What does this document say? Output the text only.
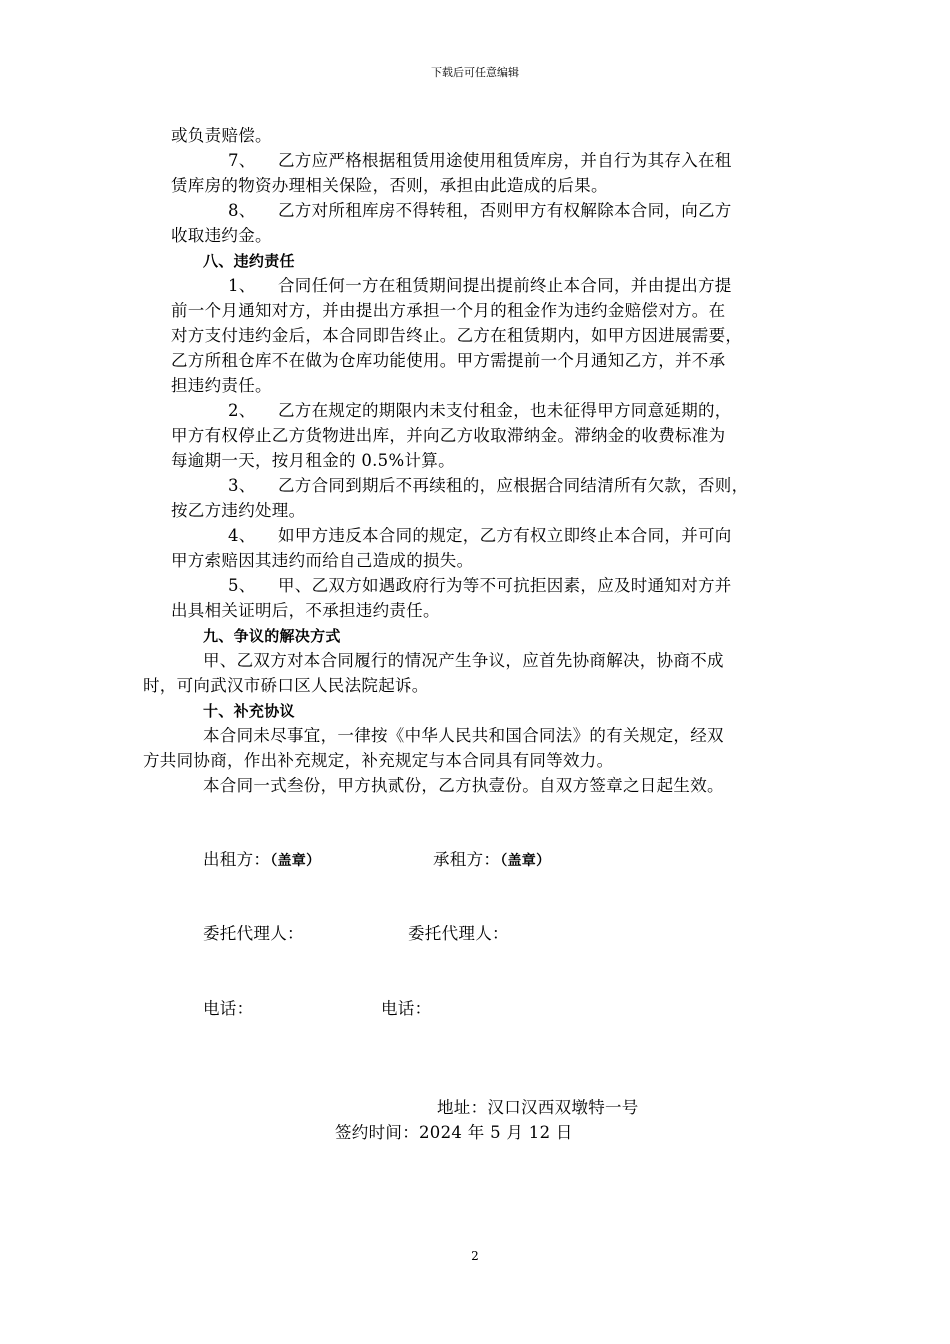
下载后可任意编辑
或负责赔偿。
7、 乙方应严格根据租赁用途使用租赁库房，并自行为其存入在租
赁库房的物资办理相关保险，否则，承担由此造成的后果。
8、 乙方对所租库房不得转租，否则甲方有权解除本合同，向乙方
收取违约金。
八、违约责任
1、 合同任何一方在租赁期间提出提前终止本合同，并由提出方提
前一个月通知对方，并由提出方承担一个月的租金作为违约金赔偿对方。在
对方支付违约金后，本合同即告终止。乙方在租赁期内，如甲方因进展需要，
乙方所租仓库不在做为仓库功能使用。甲方需提前一个月通知乙方，并不承
担违约责任。
2、 乙方在规定的期限内未支付租金，也未征得甲方同意延期的，
甲方有权停止乙方货物进出库，并向乙方收取滞纳金。滞纳金的收费标准为
每逾期一天，按月租金的 0.5%计算。
3、 乙方合同到期后不再续租的，应根据合同结清所有欠款，否则，
按乙方违约处理。
4、 如甲方违反本合同的规定，乙方有权立即终止本合同，并可向
甲方索赔因其违约而给自己造成的损失。
5、 甲、乙双方如遇政府行为等不可抗拒因素，应及时通知对方并
出具相关证明后，不承担违约责任。
九、争议的解决方式
甲、乙双方对本合同履行的情况产生争议，应首先协商解决，协商不成
时，可向武汉市硚口区人民法院起诉。
十、补充协议
本合同未尽事宜，一律按《中华人民共和国合同法》的有关规定，经双
方共同协商，作出补充规定，补充规定与本合同具有同等效力。
本合同一式叁份，甲方执贰份，乙方执壹份。自双方签章之日起生效。
出租方：（盖章）	承租方：（盖章）
委托代理人：	委托代理人：
电话：	电话：
地址：汉口汉西双墩特一号
签约时间：2024 年 5 月 12 日
2
